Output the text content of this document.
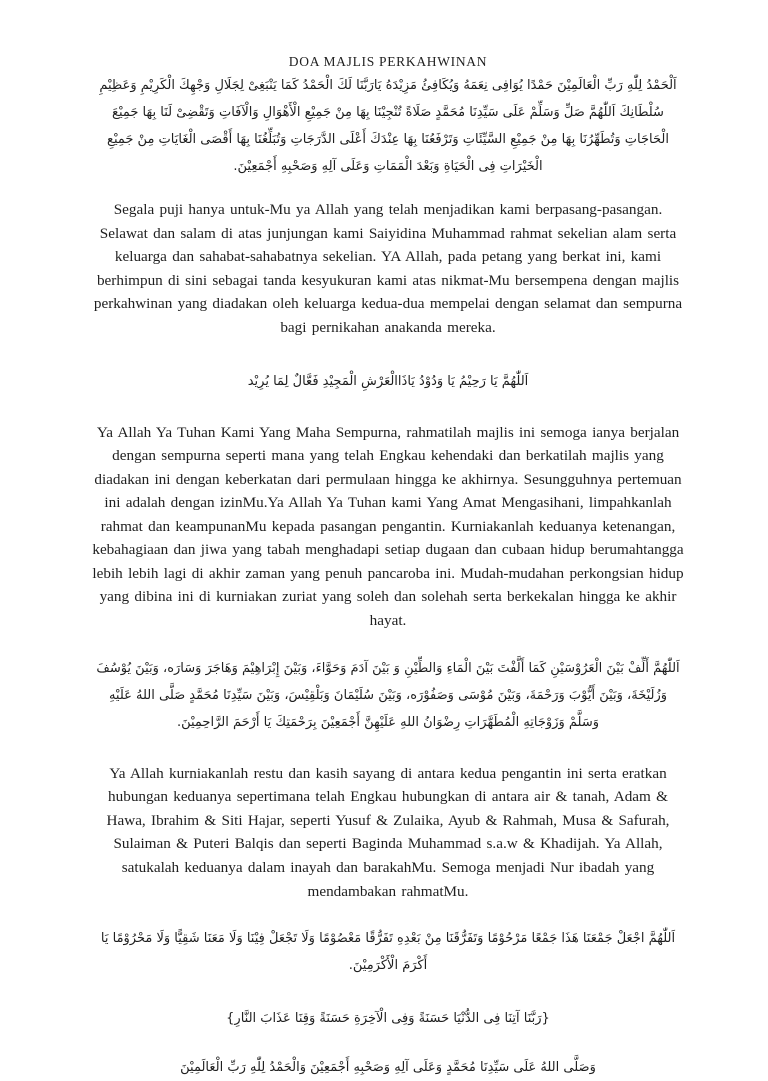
DOA MAJLIS PERKAHWINAN

اَلْحَمْدُ لِلّٰهِ رَبِّ الْعَالَمِيْنَ حَمْدًا يُوَافِى نِعَمَهُ وَيُكَافِئُ مَزِيْدَهُ يَارَبَّنَا لَكَ الْحَمْدُ كَمَا يَنْبَغِىْ لِجَلَالِ وَجْهِكَ الْكَرِيْمِ وَعَظِيْمِ سُلْطَانِكَ اَللّٰهُمَّ صَلِّ وَسَلِّمْ عَلَى سَيِّدِنَا مُحَمَّدٍ صَلَاةً تُنْجِيْنَا بِهَا مِنْ جَمِيْعِ الْأَهْوَالِ وَالْآفَاتِ وَتَقْضِىْ لَنَا بِهَا جَمِيْعَ الْحَاجَاتِ وَتُطَهِّرُنَا بِهَا مِنْ جَمِيْعِ السَّيِّئَاتِ وَتَرْفَعُنَا بِهَا عِنْدَكَ أَعْلَى الدَّرَجَاتِ وَتُبَلِّغُنَا بِهَا أَقْصَى الْغَايَاتِ مِنْ جَمِيْعِ الْخَيْرَاتِ فِى الْحَيَاةِ وَبَعْدَ الْمَمَاتِ وَعَلَى آلِهِ وَصَحْبِهِ أَجْمَعِيْنَ.

Segala puji hanya untuk-Mu ya Allah yang telah menjadikan kami berpasang-pasangan. Selawat dan salam di atas junjungan kami Saiyidina Muhammad rahmat sekelian alam serta keluarga dan sahabat-sahabatnya sekelian. YA Allah, pada petang yang berkat ini, kami berhimpun di sini sebagai tanda kesyukuran kami atas nikmat-Mu bersempena dengan majlis perkahwinan yang diadakan oleh keluarga kedua-dua mempelai dengan selamat dan sempurna bagi pernikahan anakanda mereka.

اَللّٰهُمَّ يَا رَحِيْمُ يَا وَدُوْدُ يَاذَاالْعَرْشِ الْمَجِيْدِ فَعَّالٌ لِمَا يُرِيْد

Ya Allah Ya Tuhan Kami Yang Maha Sempurna, rahmatilah majlis ini semoga ianya berjalan dengan sempurna seperti mana yang telah Engkau kehendaki dan berkatilah majlis yang diadakan ini dengan keberkatan dari permulaan hingga ke akhirnya. Sesungguhnya pertemuan ini adalah dengan izinMu.Ya Allah Ya Tuhan kami Yang Amat Mengasihani, limpahkanlah rahmat dan keampunanMu kepada pasangan pengantin. Kurniakanlah keduanya ketenangan, kebahagiaan dan jiwa yang tabah menghadapi setiap dugaan dan cubaan hidup berumahtangga lebih lebih lagi di akhir zaman yang penuh pancaroba ini. Mudah-mudahan perkongsian hidup yang dibina ini di kurniakan zuriat yang soleh dan solehah serta berkekalan hingga ke akhir hayat.

اَللّٰهُمَّ أَلِّفْ بَيْنَ الْعَرُوْسَيْنِ كَمَا أَلَّفْتَ بَيْنَ الْمَاءِ وَالطِّيْنِ وَ بَيْنَ آدَمَ وَحَوَّاءَ، وَبَيْنَ إِبْرَاهِيْمَ وَهَاجَرَ وَسَارَه، وَبَيْنَ يُوْسُفَ وَزُلَيْخَةَ، وَبَيْنَ أَيُّوْبَ وَرَحْمَةَ، وَبَيْنَ مُوْسَى وَصَفُوْرَه، وَبَيْنَ سُلَيْمَانَ وَبَلْقِيْسَ، وَبَيْنَ سَيِّدِنَا مُحَمَّدٍ صَلَّى اللهُ عَلَيْهِ وَسَلَّمْ وَزَوْجَاتِهِ الْمُطَهَّرَاتِ رِضْوَانُ اللهِ عَلَيْهِنَّ أَجْمَعِيْنَ بِرَحْمَتِكَ يَا أَرْحَمَ الرَّاحِمِيْنَ.

Ya Allah kurniakanlah restu dan kasih sayang di antara kedua pengantin ini serta eratkan hubungan keduanya sepertimana telah Engkau hubungkan di antara air & tanah, Adam & Hawa, Ibrahim & Siti Hajar, seperti Yusuf & Zulaika, Ayub & Rahmah, Musa & Safurah, Sulaiman & Puteri Balqis dan seperti Baginda Muhammad s.a.w & Khadijah. Ya Allah, satukalah keduanya dalam inayah dan barakahMu. Semoga menjadi Nur ibadah yang mendambakan rahmatMu.

اَللّٰهُمَّ اجْعَلْ جَمْعَنَا هَذَا جَمْعًا مَرْحُوْمًا وَتَفَرُّقَنَا مِنْ بَعْدِهِ تَفَرُّقًا مَعْصُوْمًا وَلَا تَجْعَلْ فِيْنَا وَلَا مَعَنَا شَقِيًّا وَلَا مَحْرُوْمًا يَا أَكْرَمَ الْأَكْرَمِيْنَ.

{رَبَّنَا آتِنَا فِى الدُّنْيَا حَسَنَةً وَفِى الْآخِرَةِ حَسَنَةً وَقِنَا عَذَابَ النَّارِ}

وَصَلَّى اللهُ عَلَى سَيِّدِنَا مُحَمَّدٍ وَعَلَى آلِهِ وَصَحْبِهِ أَجْمَعِيْنَ وَالْحَمْدُ لِلّٰهِ رَبِّ الْعَالَمِيْنَ
